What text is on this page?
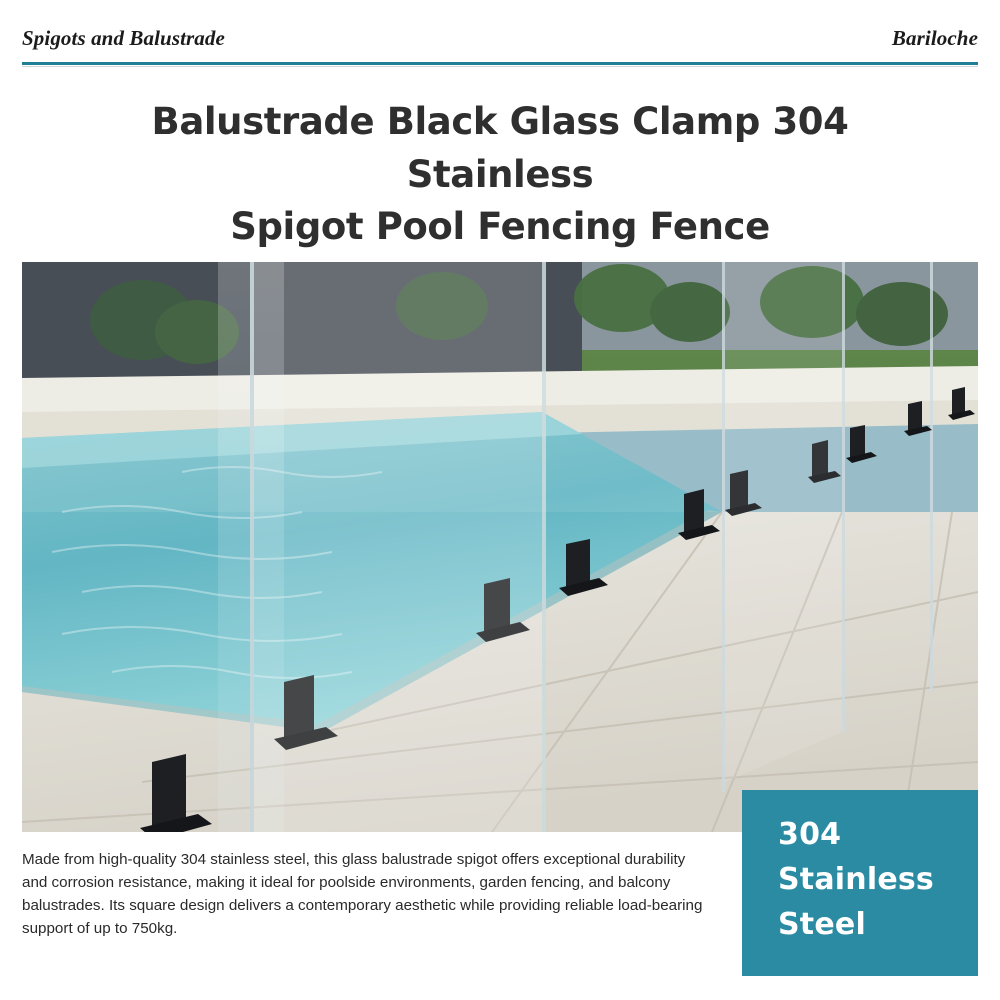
Spigots and Balustrade	Bariloche
Balustrade Black Glass Clamp 304 Stainless
Spigot Pool Fencing Fence
Made from high-quality 304 stainless steel, this glass balustrade spigot offers exceptional durability and corrosion resistance, making it ideal for poolside environments, garden fencing, and balcony balustrades. Its square design delivers a contemporary aesthetic while providing reliable load-bearing support of up to 750kg.
304
Stainless
Steel
